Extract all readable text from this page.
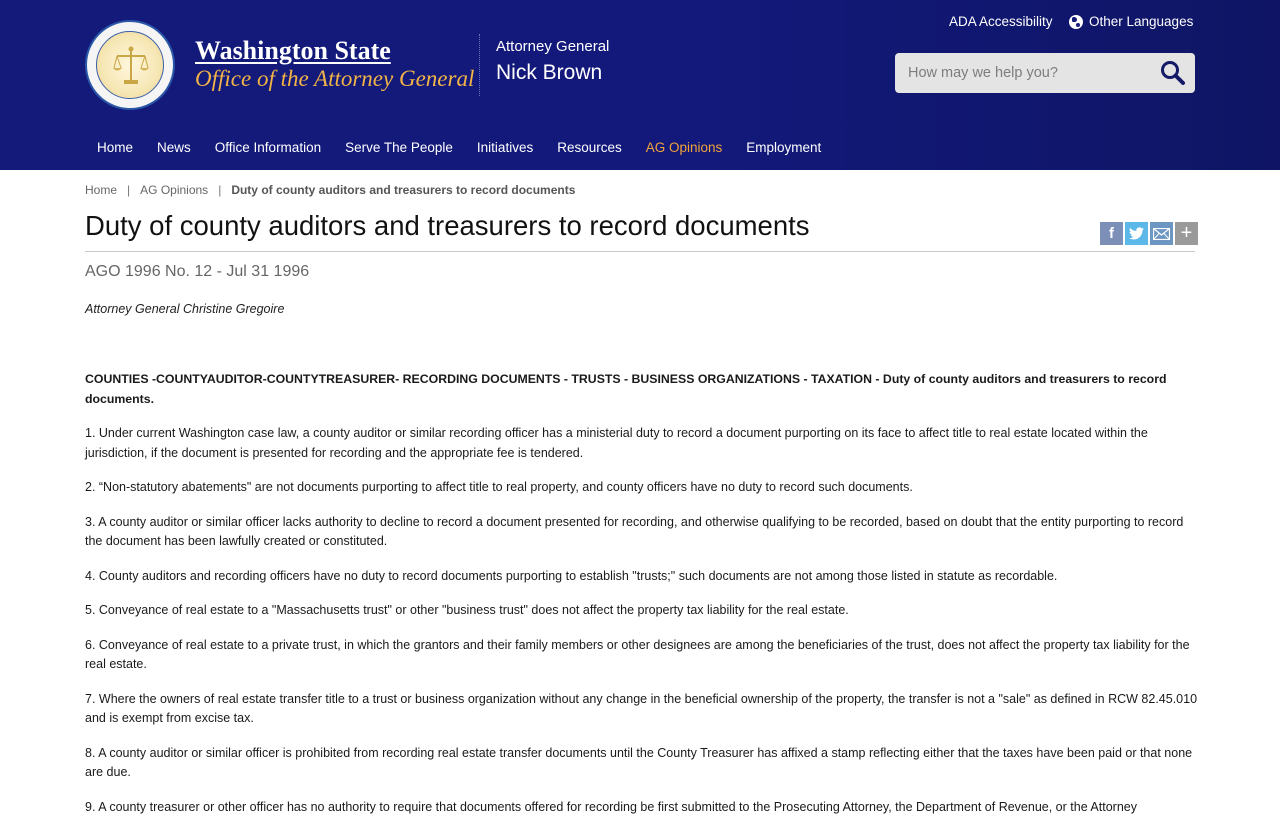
Washington State
Office of the Attorney General
Attorney General
Nick Brown
ADA Accessibility	Other Languages
How may we help you?
Home	News	Office Information	Serve The People	Initiatives	Resources	AG Opinions	Employment
Home | AG Opinions | Duty of county auditors and treasurers to record documents
Duty of county auditors and treasurers to record documents	f	+
AGO 1996 No. 12 - Jul 31 1996
Attorney General Christine Gregoire

COUNTIES -COUNTYAUDITOR-COUNTYTREASURER- RECORDING DOCUMENTS - TRUSTS - BUSINESS ORGANIZATIONS - TAXATION - Duty of county auditors and treasurers to record documents.

1. Under current Washington case law, a county auditor or similar recording officer has a ministerial duty to record a document purporting on its face to affect title to real estate located within the jurisdiction, if the document is presented for recording and the appropriate fee is tendered.

2. “Non-statutory abatements" are not documents purporting to affect title to real property, and county officers have no duty to record such documents.

3. A county auditor or similar officer lacks authority to decline to record a document presented for recording, and otherwise qualifying to be recorded, based on doubt that the entity purporting to record the document has been lawfully created or constituted.

4. County auditors and recording officers have no duty to record documents purporting to establish "trusts;" such documents are not among those listed in statute as recordable.

5. Conveyance of real estate to a "Massachusetts trust" or other "business trust" does not affect the property tax liability for the real estate.

6. Conveyance of real estate to a private trust, in which the grantors and their family members or other designees are among the beneficiaries of the trust, does not affect the property tax liability for the real estate.

7. Where the owners of real estate transfer title to a trust or business organization without any change in the beneficial ownership of the property, the transfer is not a "sale" as defined in RCW 82.45.010 and is exempt from excise tax.

8. A county auditor or similar officer is prohibited from recording real estate transfer documents until the County Treasurer has affixed a stamp reflecting either that the taxes have been paid or that none are due.

9. A county treasurer or other officer has no authority to require that documents offered for recording be first submitted to the Prosecuting Attorney, the Department of Revenue, or the Attorney
